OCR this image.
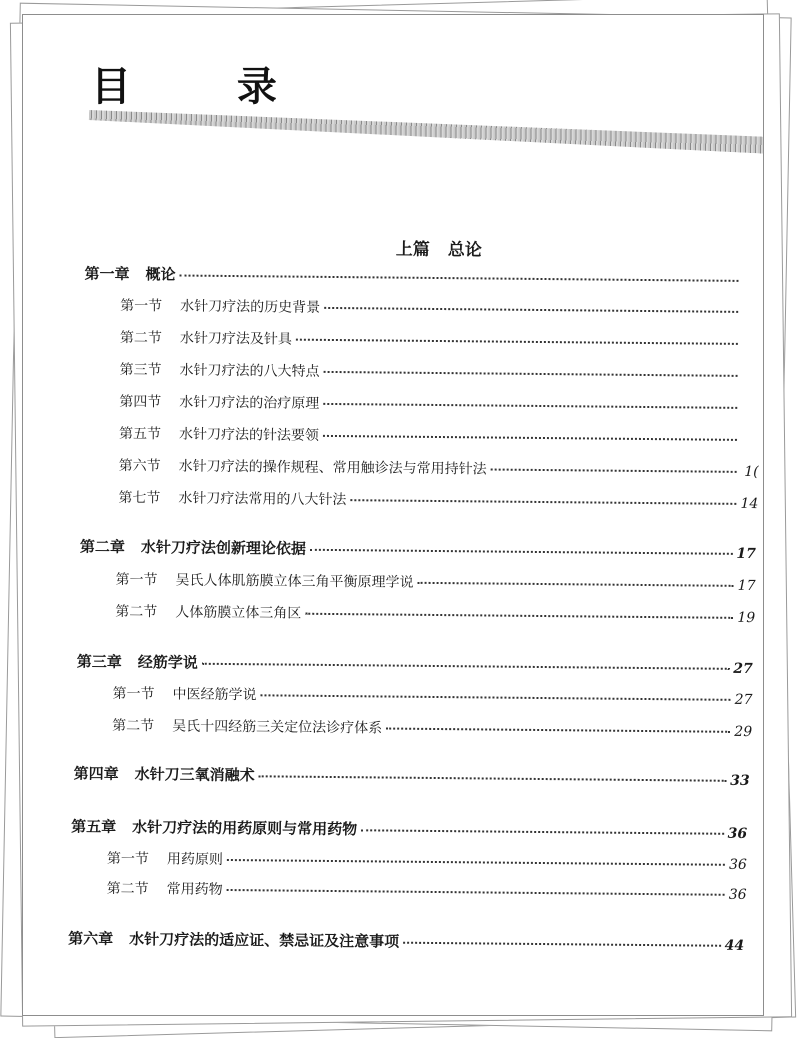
目 录
上篇 总论
第一章 概论
第一节 水针刀疗法的历史背景
第二节 水针刀疗法及针具
第三节 水针刀疗法的八大特点
第四节 水针刀疗法的治疗原理
第五节 水针刀疗法的针法要领
第六节 水针刀疗法的操作规程、常用触诊法与常用持针法	1(
第七节 水针刀疗法常用的八大针法	14
第二章 水针刀疗法创新理论依据	17
第一节 吴氏人体肌筋膜立体三角平衡原理学说	17
第二节 人体筋膜立体三角区	19
第三章 经筋学说	27
第一节 中医经筋学说	27
第二节 吴氏十四经筋三关定位法诊疗体系	29
第四章 水针刀三氧消融术	33
第五章 水针刀疗法的用药原则与常用药物	36
第一节 用药原则	36
第二节 常用药物	36
第六章 水针刀疗法的适应证、禁忌证及注意事项	44
